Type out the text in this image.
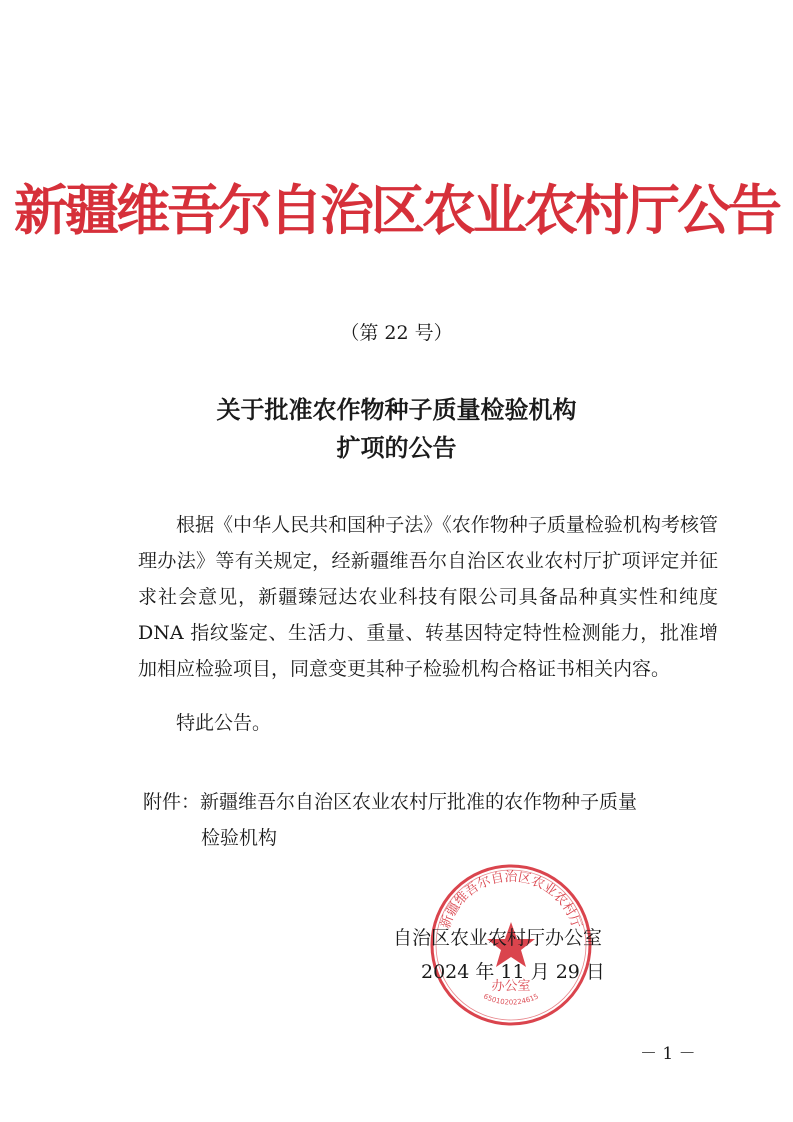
新疆维吾尔自治区农业农村厅公告
（第 22 号）
关于批准农作物种子质量检验机构
扩项的公告

根据《中华人民共和国种子法》《农作物种子质量检验机构考核管理办法》等有关规定，经新疆维吾尔自治区农业农村厅扩项评定并征求社会意见，新疆臻冠达农业科技有限公司具备品种真实性和纯度 DNA 指纹鉴定、生活力、重量、转基因特定特性检测能力，批准增加相应检验项目，同意变更其种子检验机构合格证书相关内容。

特此公告。
附件：新疆维吾尔自治区农业农村厅批准的农作物种子质量
检验机构
新疆维吾尔自治区农业农村厅
办公室
6501020224615
自治区农业农村厅办公室
2024 年 11 月 29 日
－ 1 －
